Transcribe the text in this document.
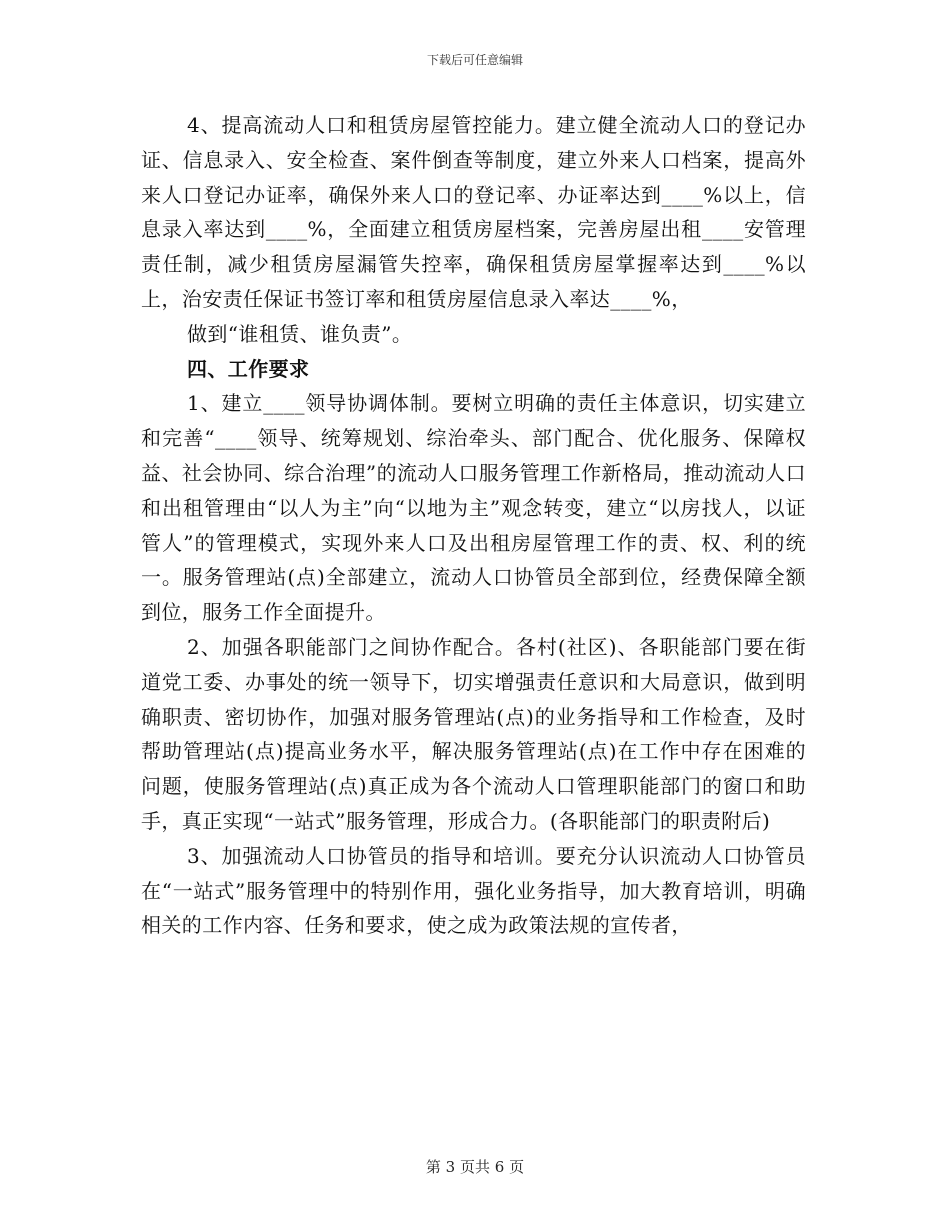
下载后可任意编辑

4、提高流动人口和租赁房屋管控能力。建立健全流动人口的登记办证、信息录入、安全检查、案件倒查等制度，建立外来人口档案，提高外来人口登记办证率，确保外来人口的登记率、办证率达到____%以上，信息录入率达到____%，全面建立租赁房屋档案，完善房屋出租____安管理责任制，减少租赁房屋漏管失控率，确保租赁房屋掌握率达到____%以上，治安责任保证书签订率和租赁房屋信息录入率达____%，

做到“谁租赁、谁负责”。

四、工作要求

1、建立____领导协调体制。要树立明确的责任主体意识，切实建立和完善“____领导、统筹规划、综治牵头、部门配合、优化服务、保障权益、社会协同、综合治理”的流动人口服务管理工作新格局，推动流动人口和出租管理由“以人为主”向“以地为主”观念转变，建立“以房找人，以证管人”的管理模式，实现外来人口及出租房屋管理工作的责、权、利的统一。服务管理站(点)全部建立，流动人口协管员全部到位，经费保障全额到位，服务工作全面提升。

2、加强各职能部门之间协作配合。各村(社区)、各职能部门要在街道党工委、办事处的统一领导下，切实增强责任意识和大局意识，做到明确职责、密切协作，加强对服务管理站(点)的业务指导和工作检查，及时帮助管理站(点)提高业务水平，解决服务管理站(点)在工作中存在困难的问题，使服务管理站(点)真正成为各个流动人口管理职能部门的窗口和助手，真正实现“一站式”服务管理，形成合力。(各职能部门的职责附后)

3、加强流动人口协管员的指导和培训。要充分认识流动人口协管员在“一站式”服务管理中的特别作用，强化业务指导，加大教育培训，明确相关的工作内容、任务和要求，使之成为政策法规的宣传者，

第 3 页共 6 页
